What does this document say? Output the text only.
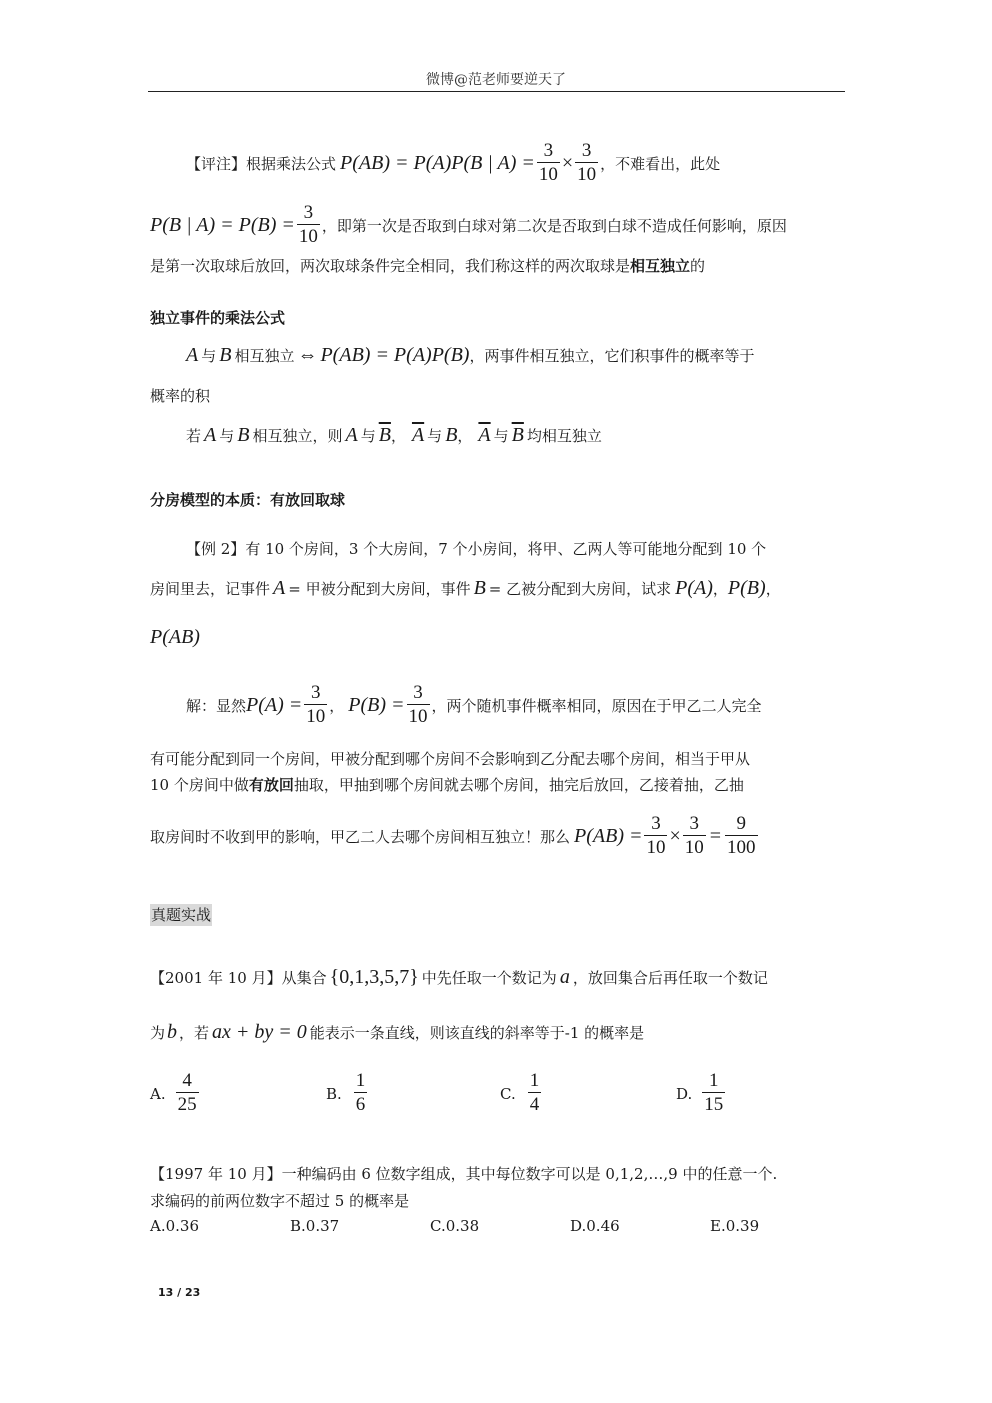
微博@范老师要逆天了
【评注】 根据乘法公式 P(AB) = P(A)P(B | $A) = \frac{3}{10} \times \frac{3}{10}$ ，不难看出，此处
P(B | $A) = P(B) = \frac{3}{10}$ ，即第一次是否取到白球对第二次是否取到白球不造成任何影响，原因
是第一次取球后放回，两次取球条件完全相同，我们称这样的两次取球是相互独立的
独立事件的乘法公式
A 与 B 相互独立 ⇔ P(AB) = P(A)P(B) ，两事件相互独立，它们积事件的概率等于
概率的积
若 A 与 B 相互独立，则 A 与 $\overline{B}$ ， $\overline{A}$ 与 B ， $\overline{A}$ 与 $\overline{B}$ 均相互独立
分房模型的本质：有放回取球
【例 2】有 10 个房间，3 个大房间，7 个小房间，将甲、乙两人等可能地分配到 10 个
房间里去，记事件 A = 甲被分配到大房间，事件 B = 乙被分配到大房间，试求 P(A) ， P(B) ，
P(AB)
解：显然 $P(A) = \frac{3}{10}$ ， $P(B) = \frac{3}{10}$ ，两个随机事件概率相同，原因在于甲乙二人完全
有可能分配到同一个房间，甲被分配到哪个房间不会影响到乙分配去哪个房间，相当于甲从
10 个房间中做有放回抽取，甲抽到哪个房间就去哪个房间，抽完后放回，乙接着抽，乙抽
取房间时不收到甲的影响，甲乙二人去哪个房间相互独立！那么 $P(AB) = \frac{3}{10} \times \frac{3}{10} = \frac{9}{100}$
真题实战
【2001 年 10 月】 从集合 {0,1,3,5,7} 中先任取一个数记为 a ，放回集合后再任取一个数记
为 b ，若 ax + by = 0 能表示一条直线，则该直线的斜率等于-1 的概率是
A. $\frac{4}{25}$	B. $\frac{1}{6}$	C. $\frac{1}{4}$	D. $\frac{1}{15}$
【1997 年 10 月】一种编码由 6 位数字组成，其中每位数字可以是 0,1,2,…,9 中的任意一个.
求编码的前两位数字不超过 5 的概率是
A.0.36	B.0.37	C.0.38	D.0.46	E.0.39
13 / 23
